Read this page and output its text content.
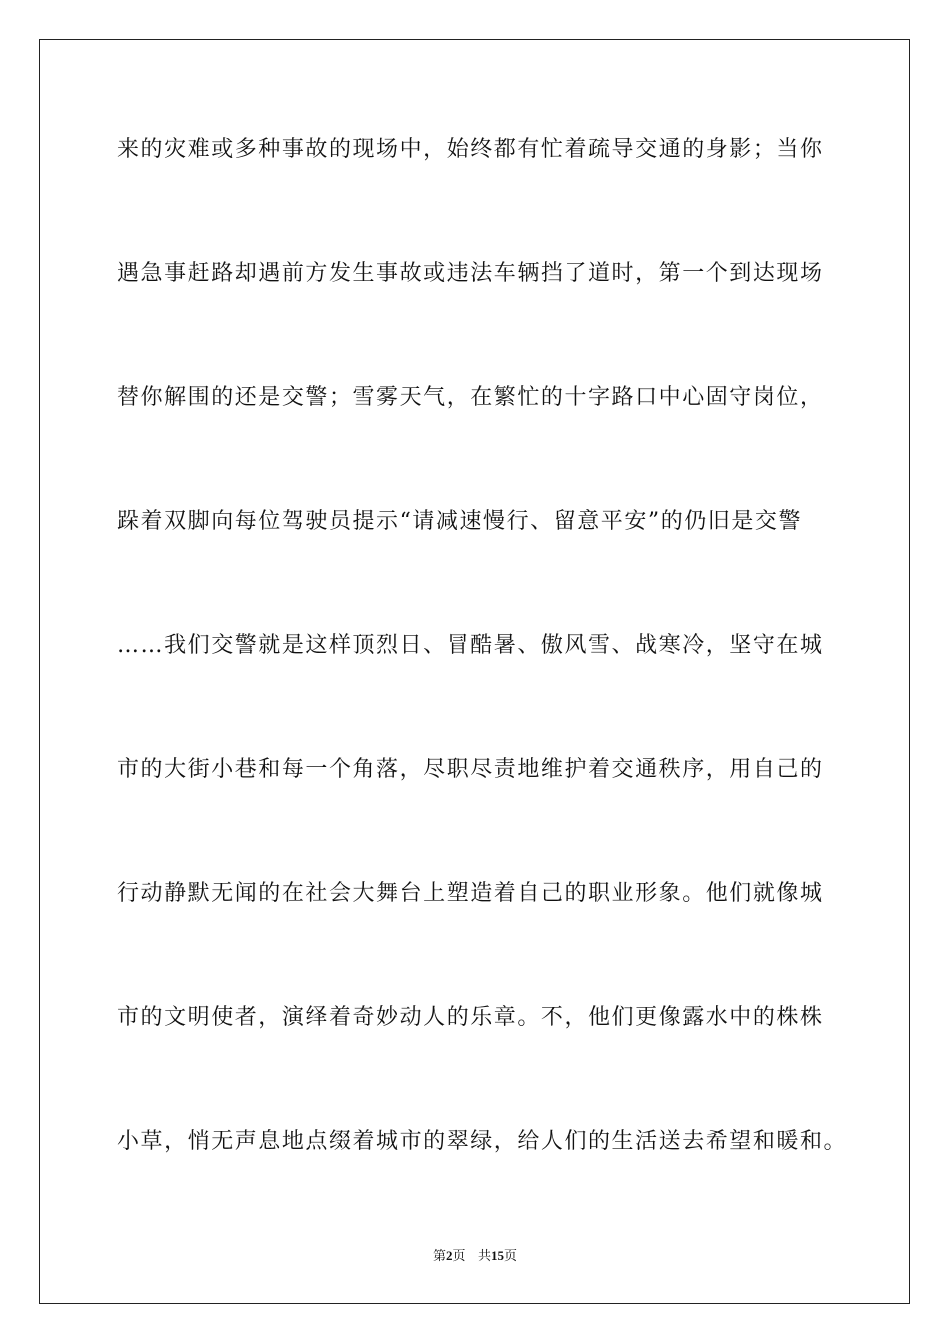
来的灾难或多种事故的现场中，始终都有忙着疏导交通的身影；当你
遇急事赶路却遇前方发生事故或违法车辆挡了道时，第一个到达现场
替你解围的还是交警；雪雾天气，在繁忙的十字路口中心固守岗位，
跺着双脚向每位驾驶员提示“请减速慢行、留意平安”的仍旧是交警
……我们交警就是这样顶烈日、冒酷暑、傲风雪、战寒冷，坚守在城
市的大街小巷和每一个角落，尽职尽责地维护着交通秩序，用自己的
行动静默无闻的在社会大舞台上塑造着自己的职业形象。他们就像城
市的文明使者，演绎着奇妙动人的乐章。不，他们更像露水中的株株
小草，悄无声息地点缀着城市的翠绿，给人们的生活送去希望和暖和。
第2页 共15页
